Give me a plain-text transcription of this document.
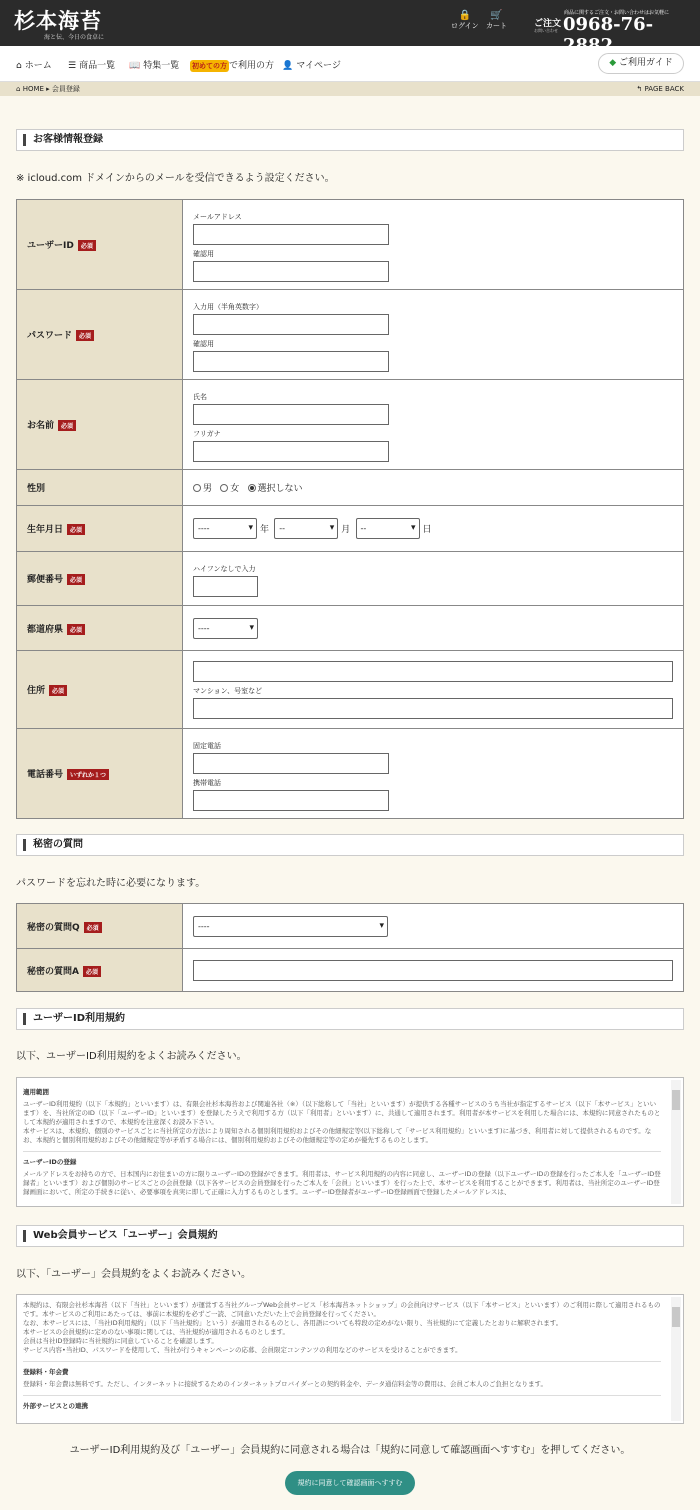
杉本海苔
海と伝、今日の食卓に
🔒
ログイン
🛒
カート	ご注文
お問い合わせ
商品に関するご注文・お問い合わせはお気軽に
0968-76-
⌂ ホーム ☰ 商品一覧 📖 特集一覧 初めての方 で利用の方 👤 マイページ	◆ ご利用ガイド
⌂ HOME ▸ 会員登録	↰ PAGE BACK
お客様情報登録
※ icloud.com ドメインからのメールを受信できるよう設定ください。
ユーザーID 必須	メールアドレス
確認用

パスワード 必須	入力用（半角英数字）
確認用

お名前 必須	氏名
フリガナ

性別	男 女 選択しない
生年月日 必須	---- ▾ 年 -- ▾ 月 -- ▾ 日
郵便番号 必須	ハイフンなしで入力

都道府県 必須	---- ▾
住所 必須	マンション、号室など

電話番号 いずれか１つ	固定電話
携帯電話
秘密の質問
パスワードを忘れた時に必要になります。
秘密の質問Q 必須	---- ▾
秘密の質問A 必須	
ユーザーID利用規約
以下、ユーザーID利用規約をよくお読みください。
適用範囲
ユーザーID利用規約（以下「本規約」といいます）は、有限会社杉本海苔および関連各社（※）（以下総称して「当社」といいます）が提供する各種サービスのうち当社が指定するサービス（以下「本サービス」といいます）を、当社所定のID（以下「ユーザーID」といいます）を登録したうえで利用する方（以下「利用者」といいます）に、共通して適用されます。利用者が本サービスを利用した場合には、本規約に同意されたものとして本規約が適用されますので、本規約を注意深くお読み下さい。
本サービスは、本規約、個別のサービスごとに当社所定の方法により周知される個別利用規約およびその他細規定等(以下総称して「サービス利用規約」といいます)に基づき、利用者に対して提供されるものです。なお、本規約と個別利用規約およびその他細規定等が矛盾する場合には、個別利用規約およびその他細規定等の定めが優先するものとします。
ユーザーIDの登録
メールアドレスをお持ちの方で、日本国内にお住まいの方に限りユーザーIDの登録ができます。利用者は、サービス利用規約の内容に同意し、ユーザーIDの登録（以下ユーザーIDの登録を行ったご本人を「ユーザーID登録者」といいます）および個別のサービスごとの会員登録（以下各サービスの会員登録を行ったご本人を「会員」といいます）を行った上で、本サービスを利用することができます。利用者は、当社所定のユーザーID登録画面において、所定の手続きに従い、必要事項を真実に即して正確に入力するものとします。ユーザーID登録者がユーザーID登録画面で登録したメールアドレスは、
Web会員サービス「ユーザー」会員規約
以下、「ユーザー」会員規約をよくお読みください。
本規約は、有限会社杉本海苔（以下「当社」といいます）が運営する当社グループWeb会員サービス「杉本海苔ネットショップ」の会員向けサービス（以下「本サービス」といいます）のご利用に際して適用されるものです。本サービスのご利用にあたっては、事前に本規約を必ずご一読、ご同意いただいた上で会員登録を行ってください。
なお、本サービスには、「当社ID利用規約」（以下「当社規約」という）が適用されるものとし、各用語についても特段の定めがない限り、当社規約にて定義したとおりに解釈されます。
本サービスの会員規約に定めのない事項に関しては、当社規約が適用されるものとします。
会員は当社ID登録時に当社規約に同意していることを確認します。
サービス内容•当社ID、パスワードを使用して、当社が行うキャンペーンの応募、会員限定コンテンツの利用などのサービスを受けることができます。
登録料・年会費
登録料・年会費は無料です。ただし、インターネットに接続するためのインターネットプロバイダーとの契約料金や、データ通信料金等の費用は、会員ご本人のご負担となります。
外部サービスとの連携
ユーザーID利用規約及び「ユーザー」会員規約に同意される場合は「規約に同意して確認画面へすすむ」を押してください。
規約に同意して確認画面へすすむ
